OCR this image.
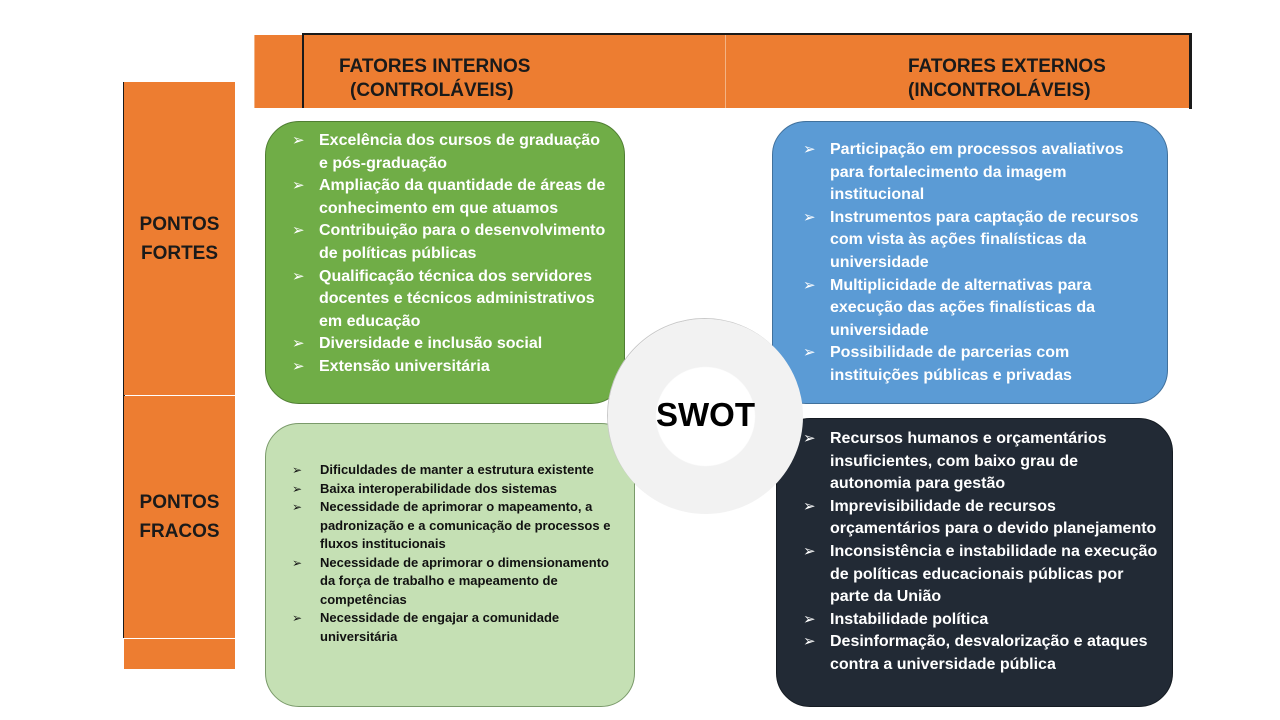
FATORES INTERNOS
(CONTROLÁVEIS)
FATORES EXTERNOS
(INCONTROLÁVEIS)
PONTOS
FORTES
PONTOS
FRACOS
➢ Excelência dos cursos de graduação e pós-graduação
➢ Ampliação da quantidade de áreas de conhecimento em que atuamos
➢ Contribuição para o desenvolvimento de políticas públicas
➢ Qualificação técnica dos servidores docentes e técnicos administrativos em educação
➢ Diversidade e inclusão social
➢ Extensão universitária
➢ Participação em processos avaliativos para fortalecimento da imagem institucional
➢ Instrumentos para captação de recursos com vista às ações finalísticas da universidade
➢ Multiplicidade de alternativas para execução das ações finalísticas da universidade
➢ Possibilidade de parcerias com instituições públicas e privadas
➢ Dificuldades de manter a estrutura existente
➢ Baixa interoperabilidade dos sistemas
➢ Necessidade de aprimorar o mapeamento, a padronização e a comunicação de processos e fluxos institucionais
➢ Necessidade de aprimorar o dimensionamento da força de trabalho e mapeamento de competências
➢ Necessidade de engajar a comunidade universitária
➢ Recursos humanos e orçamentários insuficientes, com baixo grau de autonomia para gestão
➢ Imprevisibilidade de recursos orçamentários para o devido planejamento
➢ Inconsistência e instabilidade na execução de políticas educacionais públicas por parte da União
➢ Instabilidade política
➢ Desinformação, desvalorização e ataques contra a universidade pública
SWOT
